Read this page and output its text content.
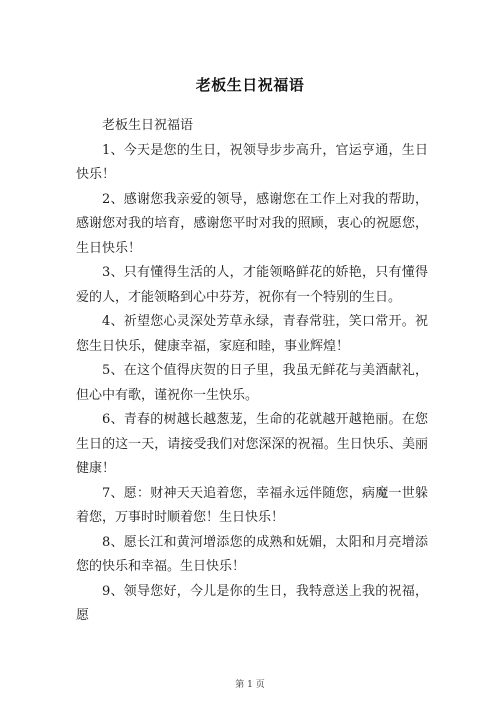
老板生日祝福语

老板生日祝福语

1、今天是您的生日，祝领导步步高升，官运亨通，生日快乐！

2、感谢您我亲爱的领导，感谢您在工作上对我的帮助，感谢您对我的培育，感谢您平时对我的照顾，衷心的祝愿您，生日快乐！

3、只有懂得生活的人，才能领略鲜花的娇艳，只有懂得爱的人，才能领略到心中芬芳，祝你有一个特别的生日。

4、祈望您心灵深处芳草永绿，青春常驻，笑口常开。祝您生日快乐，健康幸福，家庭和睦，事业辉煌！

5、在这个值得庆贺的日子里，我虽无鲜花与美酒献礼，但心中有歌，谨祝你一生快乐。

6、青春的树越长越葱茏，生命的花就越开越艳丽。在您生日的这一天，请接受我们对您深深的祝福。生日快乐、美丽健康！

7、愿：财神天天追着您，幸福永远伴随您，病魔一世躲着您，万事时时顺着您！生日快乐！

8、愿长江和黄河增添您的成熟和妩媚，太阳和月亮增添您的快乐和幸福。生日快乐！

9、领导您好，今儿是你的生日，我特意送上我的祝福，愿

第 1 页
